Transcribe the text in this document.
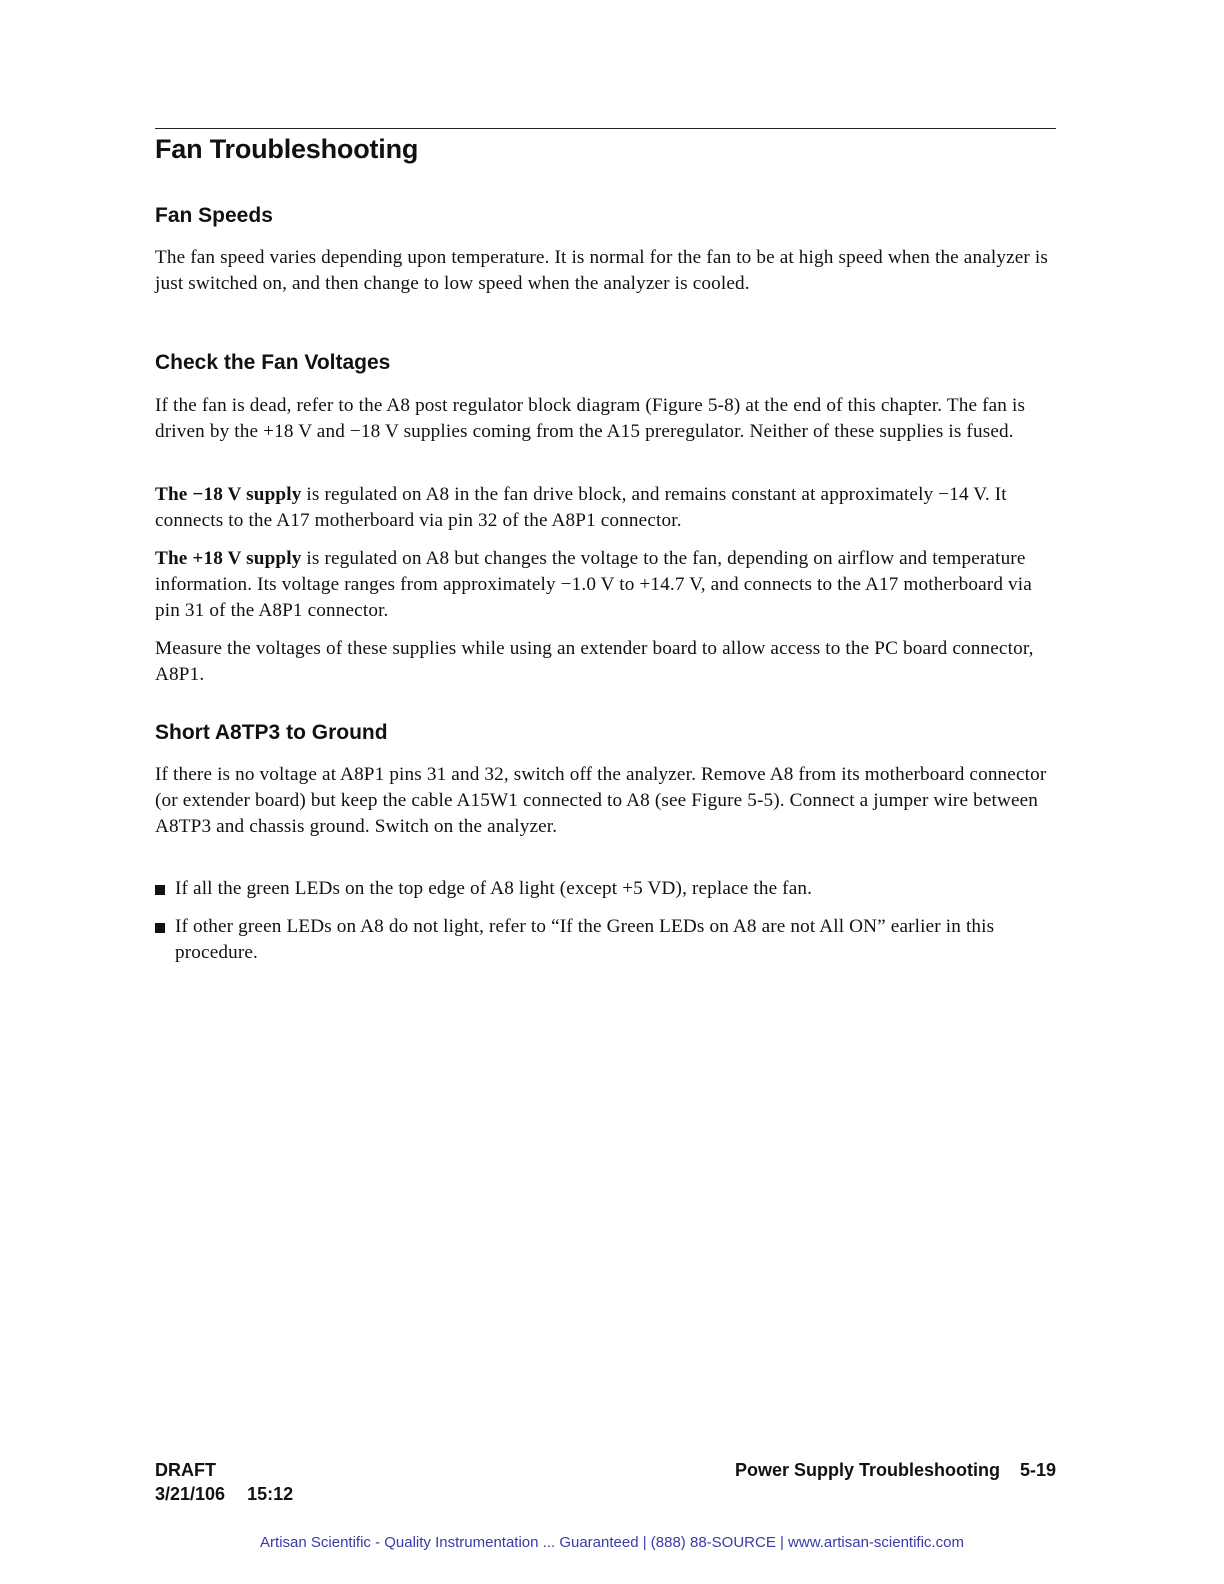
Fan Troubleshooting
Fan Speeds

The fan speed varies depending upon temperature. It is normal for the fan to be at high speed when the analyzer is just switched on, and then change to low speed when the analyzer is cooled.

Check the Fan Voltages

If the fan is dead, refer to the A8 post regulator block diagram (Figure 5-8) at the end of this chapter. The fan is driven by the +18 V and −18 V supplies coming from the A15 preregulator. Neither of these supplies is fused.

The −18 V supply is regulated on A8 in the fan drive block, and remains constant at approximately −14 V. It connects to the A17 motherboard via pin 32 of the A8P1 connector.

The +18 V supply is regulated on A8 but changes the voltage to the fan, depending on airflow and temperature information. Its voltage ranges from approximately −1.0 V to +14.7 V, and connects to the A17 motherboard via pin 31 of the A8P1 connector.

Measure the voltages of these supplies while using an extender board to allow access to the PC board connector, A8P1.

Short A8TP3 to Ground

If there is no voltage at A8P1 pins 31 and 32, switch off the analyzer. Remove A8 from its motherboard connector (or extender board) but keep the cable A15W1 connected to A8 (see Figure 5-5). Connect a jumper wire between A8TP3 and chassis ground. Switch on the analyzer.

If all the green LEDs on the top edge of A8 light (except +5 VD), replace the fan.
If other green LEDs on A8 do not light, refer to “If the Green LEDs on A8 are not All ON” earlier in this procedure.

DRAFT

3/21/106 15:12

Power Supply Troubleshooting 5-19

Artisan Scientific - Quality Instrumentation ... Guaranteed | (888) 88-SOURCE | www.artisan-scientific.com
